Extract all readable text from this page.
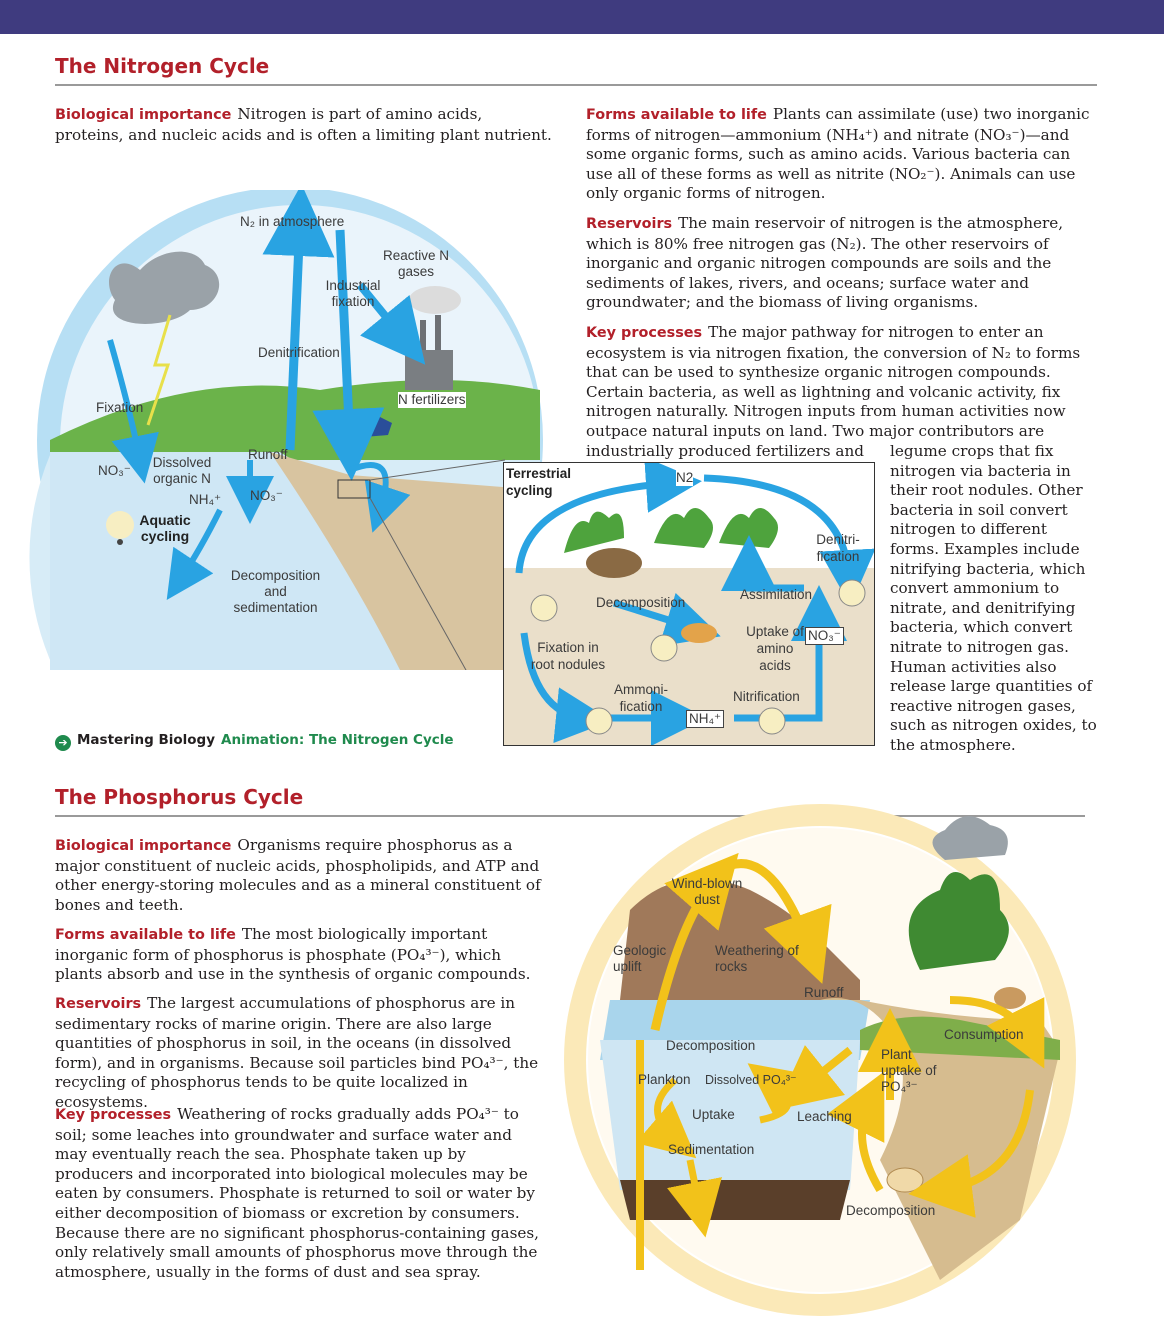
The Nitrogen Cycle

Biological importance Nitrogen is part of amino acids, proteins, and nucleic acids and is often a limiting plant nutrient.

Forms available to life Plants can assimilate (use) two inorganic forms of nitrogen—ammonium (NH₄⁺) and nitrate (NO₃⁻)—and some organic forms, such as amino acids. Various bacteria can use all of these forms as well as nitrite (NO₂⁻). Animals can use only organic forms of nitrogen.

Reservoirs The main reservoir of nitrogen is the atmosphere, which is 80% free nitrogen gas (N₂). The other reservoirs of inorganic and organic nitrogen compounds are soils and the sediments of lakes, rivers, and oceans; surface water and groundwater; and the biomass of living organisms.

Key processes The major pathway for nitrogen to enter an ecosystem is via nitrogen fixation, the conversion of N₂ to forms that can be used to synthesize organic nitrogen compounds. Certain bacteria, as well as lightning and volcanic activity, fix nitrogen naturally. Nitrogen inputs from human activities now outpace natural inputs on land. Two major contributors are industrially produced fertilizers and	legume crops that fix nitrogen via bacteria in their root nodules. Other bacteria in soil convert nitrogen to different forms. Examples include nitrifying bacteria, which convert ammonium to nitrate, and denitrifying bacteria, which convert nitrate to nitrogen gas. Human activities also release large quantities of reactive nitrogen gases, such as nitrogen oxides, to the atmosphere.

N₂ in atmosphere
Reactive N gases
Industrial fixation
Denitrification
Fixation
N fertilizers
Runoff
NO₃⁻
Dissolved organic N
NH₄⁺ NO₃⁻
Aquatic cycling
Decomposition and sedimentation
Terrestrial cycling
N2
Denitri-fication
Decomposition
Assimilation
Uptake of amino acids
NO₃⁻
Fixation in root nodules
Ammoni-fication
Nitrification
NH₄⁺
➔ Mastering Biology Animation: The Nitrogen Cycle
The Phosphorus Cycle

Biological importance Organisms require phosphorus as a major constituent of nucleic acids, phospholipids, and ATP and other energy-storing molecules and as a mineral constituent of bones and teeth.

Forms available to life The most biologically important inorganic form of phosphorus is phosphate (PO₄³⁻), which plants absorb and use in the synthesis of organic compounds.

Reservoirs The largest accumulations of phosphorus are in sedimentary rocks of marine origin. There are also large quantities of phosphorus in soil, in the oceans (in dissolved form), and in organisms. Because soil particles bind PO₄³⁻, the recycling of phosphorus tends to be quite localized in ecosystems.

Key processes Weathering of rocks gradually adds PO₄³⁻ to soil; some leaches into groundwater and surface water and may eventually reach the sea. Phosphate taken up by producers and incorporated into biological molecules may be eaten by consumers. Phosphate is returned to soil or water by either decomposition of biomass or excretion by consumers. Because there are no significant phosphorus-containing gases, only relatively small amounts of phosphorus move through the atmosphere, usually in the forms of dust and sea spray.

Wind-blown dust
Geologic uplift
Weathering of rocks
Runoff
Consumption
Decomposition
Plankton Dissolved PO₄³⁻
Plant uptake of PO₄³⁻
Uptake	Leaching
Sedimentation
Decomposition
